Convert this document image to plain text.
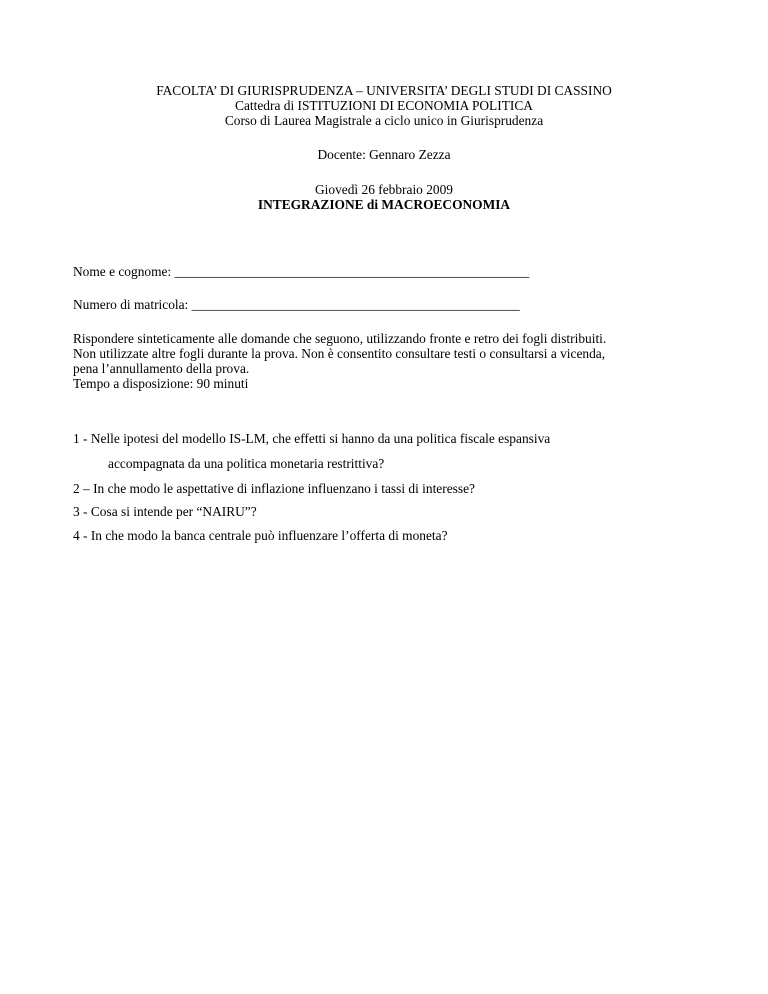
FACOLTA’ DI GIURISPRUDENZA – UNIVERSITA’ DEGLI STUDI DI CASSINO
Cattedra di ISTITUZIONI DI ECONOMIA POLITICA
Corso di Laurea Magistrale a ciclo unico in Giurisprudenza
Docente: Gennaro Zezza
Giovedì 26 febbraio 2009
INTEGRAZIONE di MACROECONOMIA
Nome e cognome: _____________________________________________________
Numero di matricola: _________________________________________________
Rispondere sinteticamente alle domande che seguono, utilizzando fronte e retro dei fogli distribuiti.
Non utilizzate altre fogli durante la prova. Non è consentito consultare testi o consultarsi a vicenda,
pena l’annullamento della prova.
Tempo a disposizione: 90 minuti
1 - Nelle ipotesi del modello IS-LM, che effetti si hanno da una politica fiscale espansiva
accompagnata da una politica monetaria restrittiva?
2 – In che modo le aspettative di inflazione influenzano i tassi di interesse?
3 - Cosa si intende per “NAIRU”?
4 - In che modo la banca centrale può influenzare l’offerta di moneta?
